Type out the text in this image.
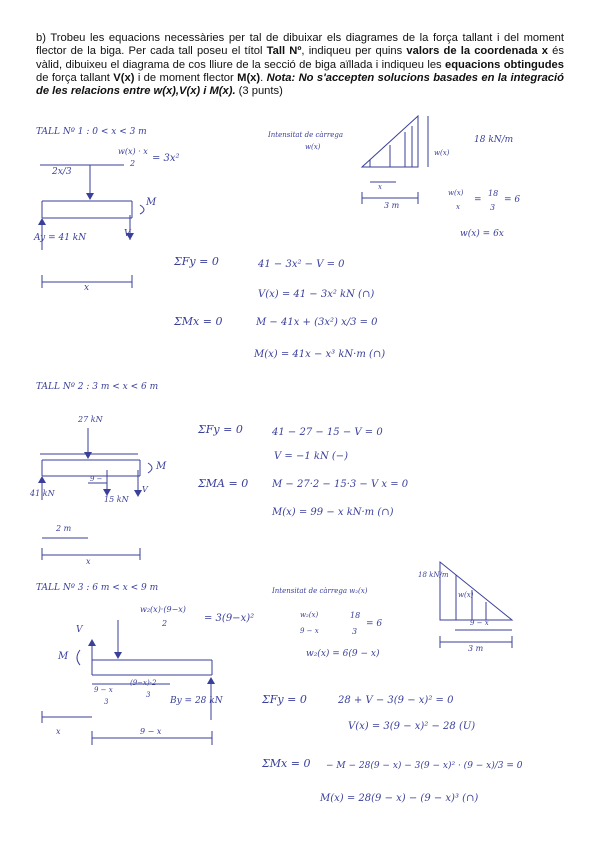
b) Trobeu les equacions necessàries per tal de dibuixar els diagrames de la força tallant i del moment flector de la biga. Per cada tall poseu el títol Tall Nº, indiqueu per quins valors de la coordenada x és vàlid, dibuixeu el diagrama de cos lliure de la secció de biga aïllada i indiqueu les equacions obtingudes de força tallant V(x) i de moment flector M(x). Nota: No s'accepten solucions basades en la integració de les relacions entre w(x),V(x) i M(x). (3 punts)

TALL Nº 1 : 0 < x < 3 m
w(x) · x
2 = 3x²
2x/3
M
Ay = 41 kN	V
x
Intensitat de càrrega
w(x)
w(x)
18 kN/m
x
3 m
w(x)
x
=
18
3
= 6
w(x) = 6x
ΣFy = 0	41 − 3x² − V = 0
V(x) = 41 − 3x² kN (∩)
ΣMx = 0	M − 41x + (3x²) x/3 = 0
M(x) = 41x − x³ kN·m (∩)
TALL Nº 2 : 3 m < x < 6 m
27 kN
M
V
41 kN
15 kN
9 −
2 m
x
ΣFy = 0	41 − 27 − 15 − V = 0
V = −1 kN (−)
ΣMA = 0 M − 27·2 − 15·3 − V x = 0
M(x) = 99 − x kN·m (∩)
TALL Nº 3 : 6 m < x < 9 m
w₂(x)·(9−x)
2	= 3(9−x)²
V
M
9 − x
3
(9−x)·2
3
By = 28 kN
x	9 − x
Intensitat de càrrega w₂(x)
18 kN/m
w(x)
9 − x
3 m
w₂(x)
9 − x
18
3
= 6
w₂(x) = 6(9 − x)
ΣFy = 0	28 + V − 3(9 − x)² = 0
V(x) = 3(9 − x)² − 28 (U)
ΣMx = 0 − M − 28(9 − x) − 3(9 − x)² · (9 − x)/3 = 0
M(x) = 28(9 − x) − (9 − x)³ (∩)
